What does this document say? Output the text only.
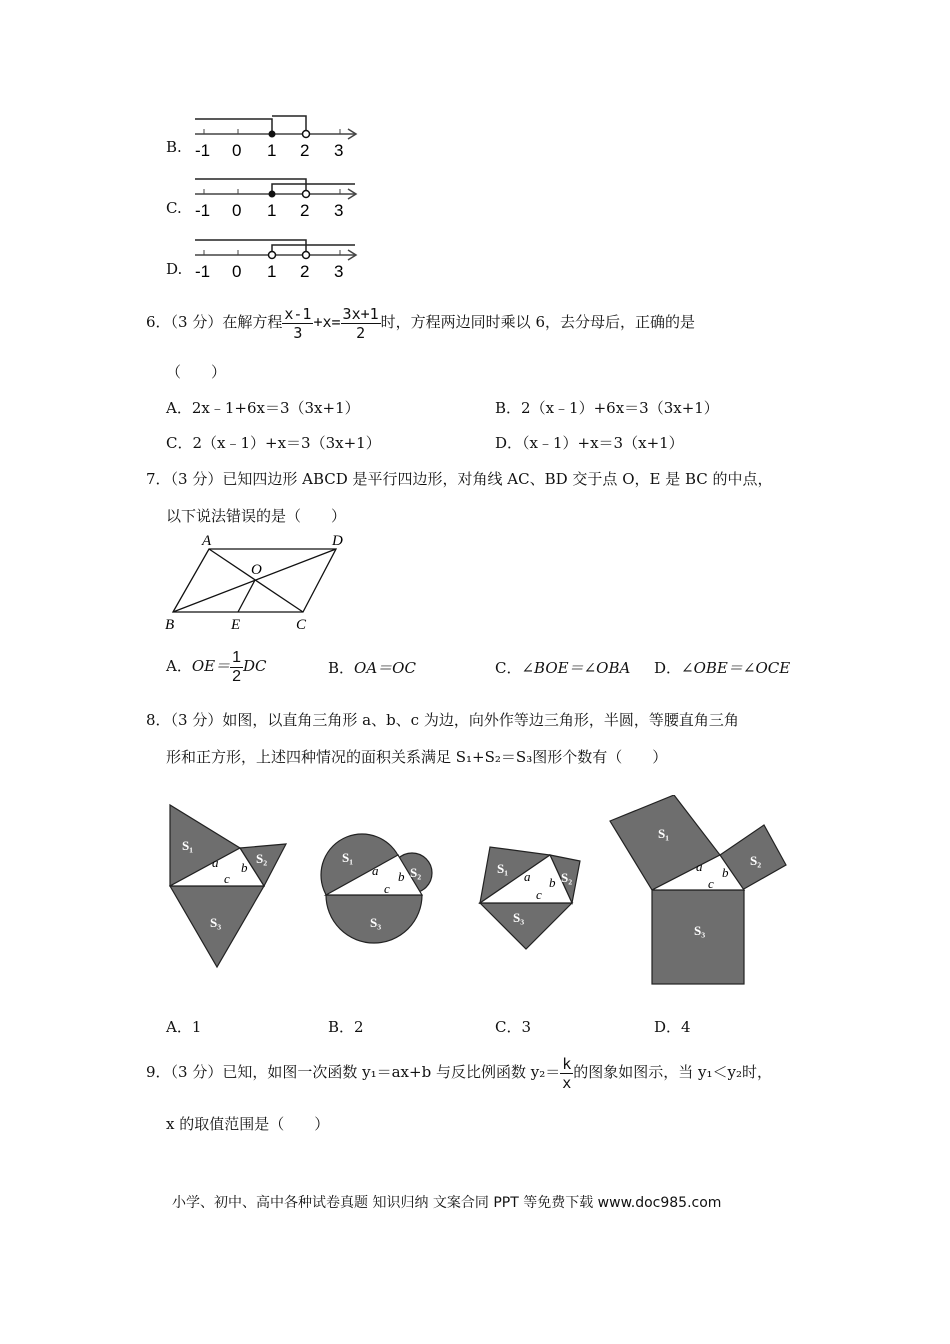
B. -1 0 1 2 3
C. -1 0 1 2 3
D. -1 0 1 2 3
6．（3 分）在解方程 $\frac{x-1}{3} +x= \frac{3x+1}{2}$ 时，方程两边同时乘以 6，去分母后，正确的是
（　　）
A．2x﹣1+6x＝3（3x+1）	B．2（x﹣1）+6x＝3（3x+1）
C．2（x﹣1）+x＝3（3x+1）	D．（x﹣1）+x＝3（x+1）
7．（3 分）已知四边形 ABCD 是平行四边形，对角线 AC、BD 交于点 O，E 是 BC 的中点，
以下说法错误的是（　　）
A	D
O
B	E	C
A．$OE= \frac{1}{2}$ DC	B．OA＝OC	C．∠BOE＝∠OBA D．∠OBE＝∠OCE
8．（3 分）如图，以直角三角形 a、b、c 为边，向外作等边三角形，半圆，等腰直角三角
形和正方形，上述四种情况的面积关系满足 S₁+S₂＝S₃图形个数有（　　）
S₁
S₂
S₃
a b
c
S₁
S₂
S₃
a b
c
S₁
S₂
S₃
a b
c
S₁
S₂
S₃
a b
c
A．1	B．2	C．3	D．4
9．（3 分）已知，如图一次函数 y₁＝ax+b 与反比例函数 $y_2= \frac{k}{x}$ 的图象如图示，当 y₁＜y₂时，
x 的取值范围是（　　）
小学、初中、高中各种试卷真题 知识归纳 文案合同 PPT 等免费下载 www.doc985.com
